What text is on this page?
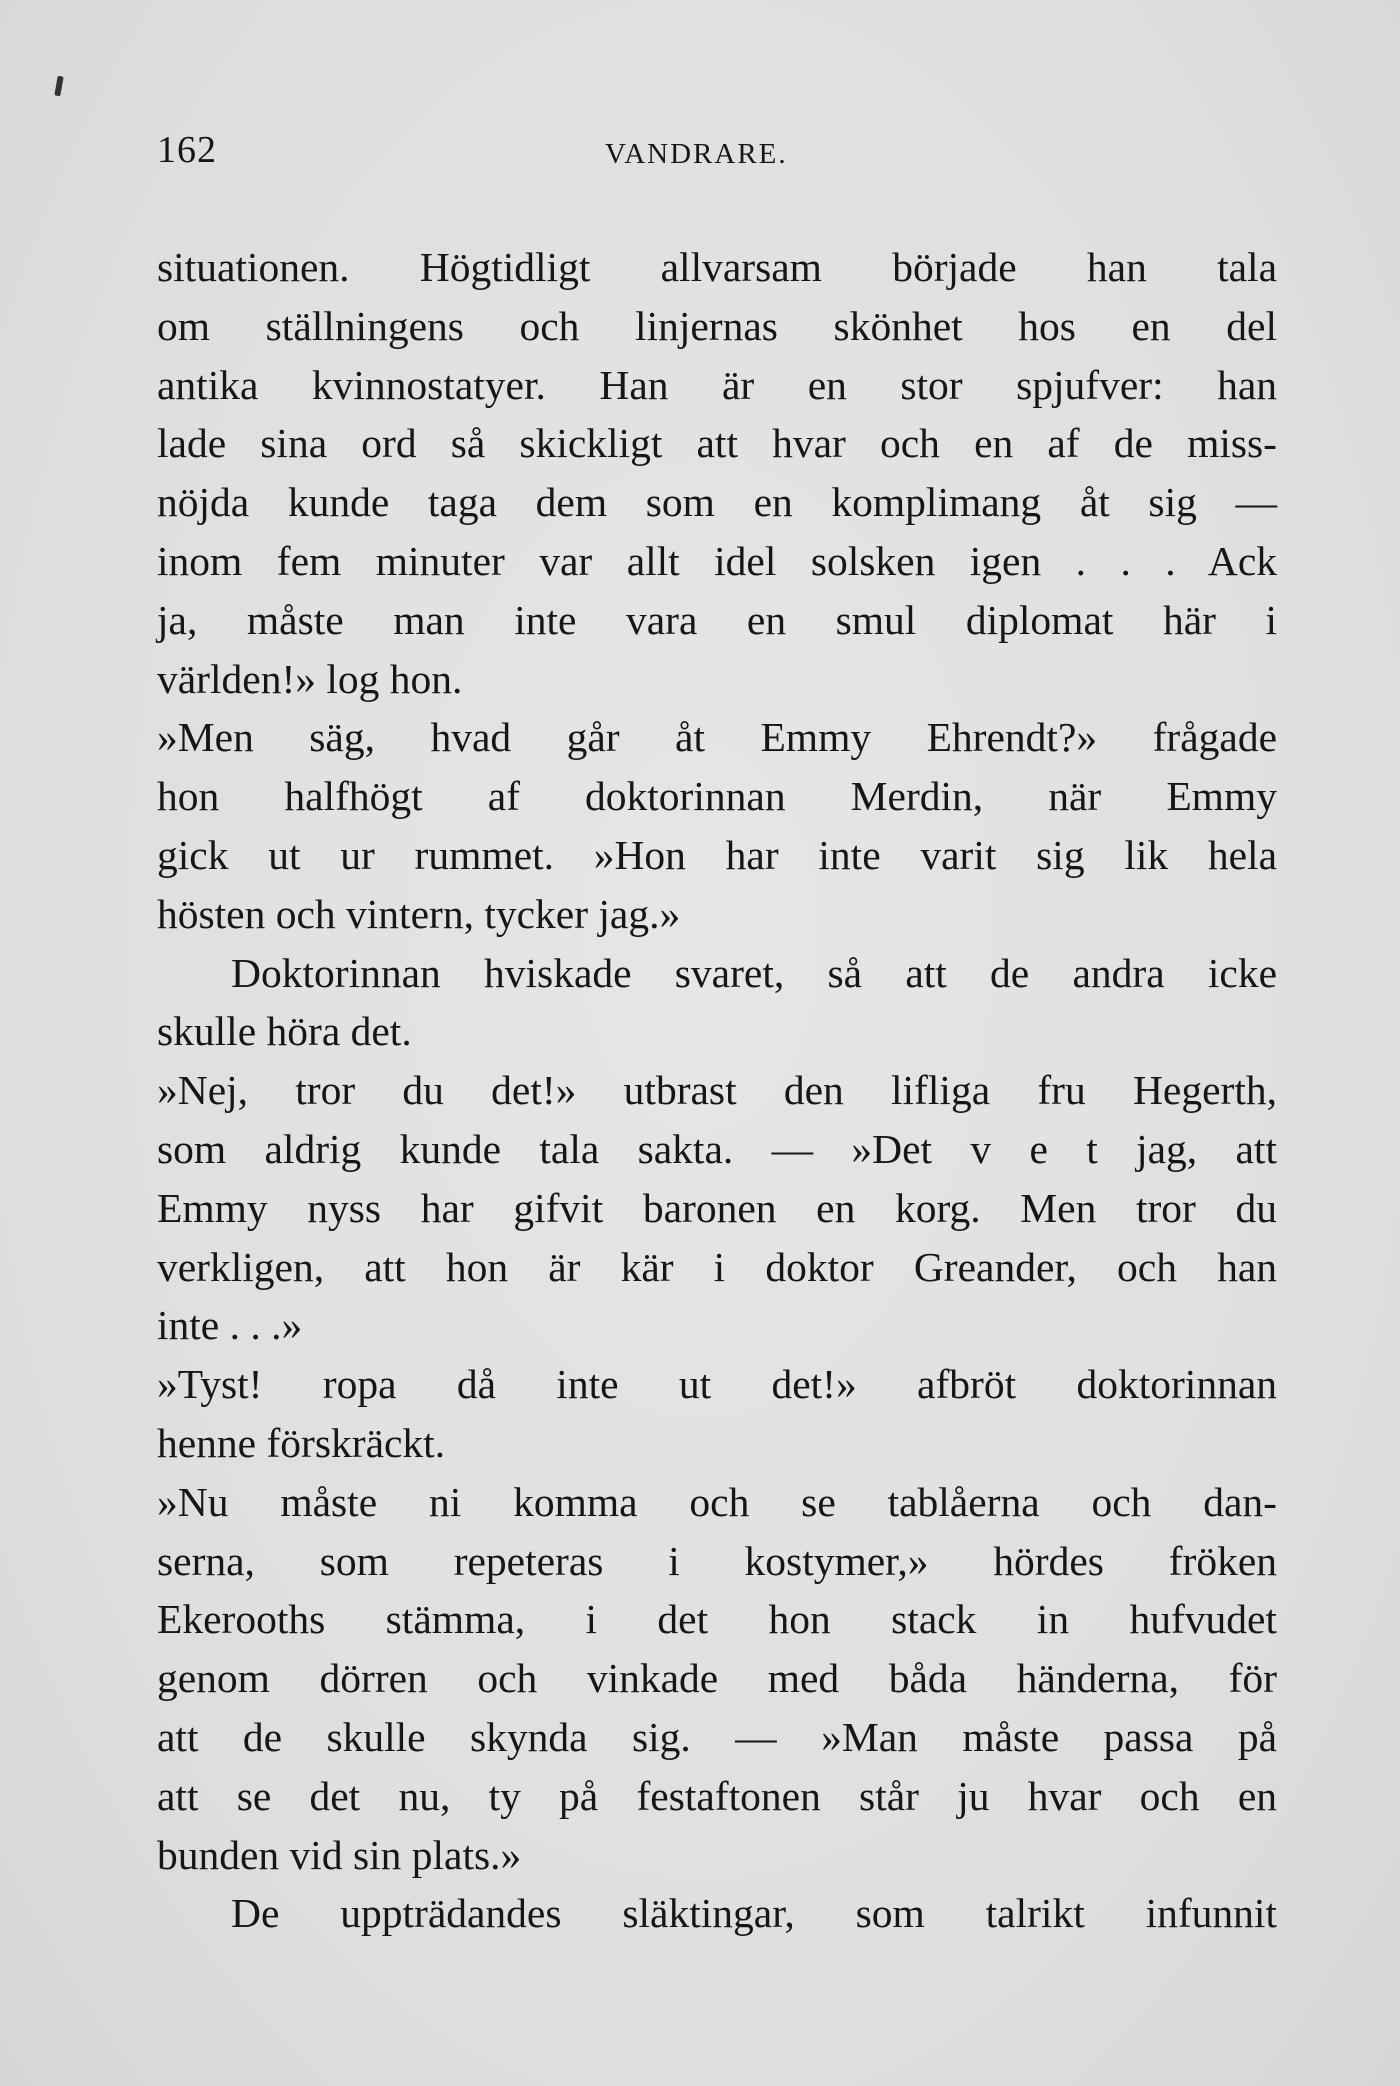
162	VANDRARE.
situationen. Högtidligt allvarsam började han tala
om ställningens och linjernas skönhet hos en del
antika kvinnostatyer. Han är en stor spjufver: han
lade sina ord så skickligt att hvar och en af de miss-
nöjda kunde taga dem som en komplimang åt sig —
inom fem minuter var allt idel solsken igen . . . Ack
ja, måste man inte vara en smul diplomat här i
världen!» log hon.
»Men säg, hvad går åt Emmy Ehrendt?» frågade
hon halfhögt af doktorinnan Merdin, när Emmy
gick ut ur rummet. »Hon har inte varit sig lik hela
hösten och vintern, tycker jag.»
Doktorinnan hviskade svaret, så att de andra icke
skulle höra det.
»Nej, tror du det!» utbrast den lifliga fru Hegerth,
som aldrig kunde tala sakta. — »Det v e t jag, att
Emmy nyss har gifvit baronen en korg. Men tror du
verkligen, att hon är kär i doktor Greander, och han
inte . . .»
»Tyst! ropa då inte ut det!» afbröt doktorinnan
henne förskräckt.
»Nu måste ni komma och se tablåerna och dan-
serna, som repeteras i kostymer,» hördes fröken
Ekerooths stämma, i det hon stack in hufvudet
genom dörren och vinkade med båda händerna, för
att de skulle skynda sig. — »Man måste passa på
att se det nu, ty på festaftonen står ju hvar och en
bunden vid sin plats.»
De uppträdandes släktingar, som talrikt infunnit
